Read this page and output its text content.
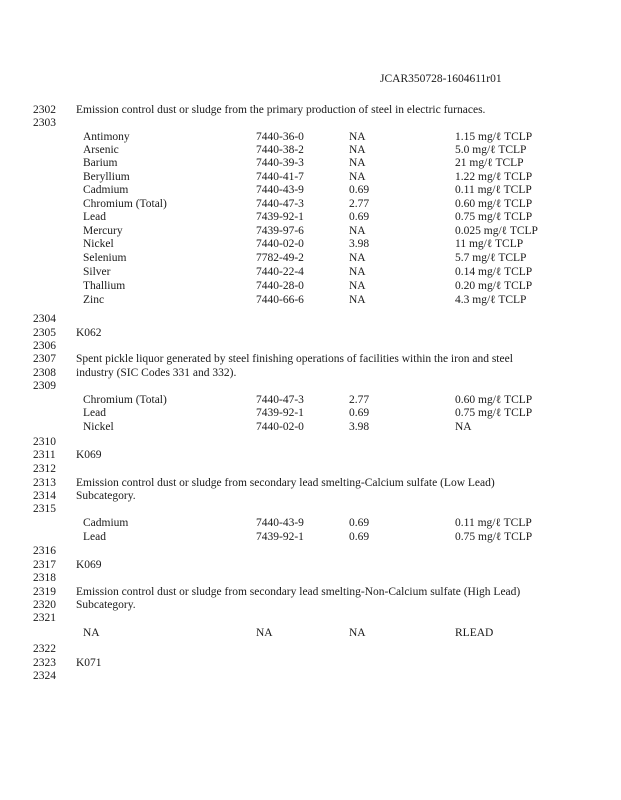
JCAR350728-1604611r01
2302
2303
2304
2305
2306
2307
2308
2309
2310
2311
2312
2313
2314
2315
2316
2317
2318
2319
2320
2321
2322
2323
2324
Emission control dust or sludge from the primary production of steel in electric furnaces.
Antimony	7440-36-0	NA	1.15 mg/ℓ TCLP
Arsenic	7440-38-2	NA	5.0 mg/ℓ TCLP
Barium	7440-39-3	NA	21 mg/ℓ TCLP
Beryllium	7440-41-7	NA	1.22 mg/ℓ TCLP
Cadmium	7440-43-9	0.69	0.11 mg/ℓ TCLP
Chromium (Total)	7440-47-3	2.77	0.60 mg/ℓ TCLP
Lead	7439-92-1	0.69	0.75 mg/ℓ TCLP
Mercury	7439-97-6	NA	0.025 mg/ℓ TCLP
Nickel	7440-02-0	3.98	11 mg/ℓ TCLP
Selenium	7782-49-2	NA	5.7 mg/ℓ TCLP
Silver	7440-22-4	NA	0.14 mg/ℓ TCLP
Thallium	7440-28-0	NA	0.20 mg/ℓ TCLP
Zinc	7440-66-6	NA	4.3 mg/ℓ TCLP
K062
Spent pickle liquor generated by steel finishing operations of facilities within the iron and steel
industry (SIC Codes 331 and 332).
Chromium (Total)	7440-47-3	2.77	0.60 mg/ℓ TCLP
Lead	7439-92-1	0.69	0.75 mg/ℓ TCLP
Nickel	7440-02-0	3.98	NA
K069
Emission control dust or sludge from secondary lead smelting-Calcium sulfate (Low Lead)
Subcategory.
Cadmium	7440-43-9	0.69	0.11 mg/ℓ TCLP
Lead	7439-92-1	0.69	0.75 mg/ℓ TCLP
K069
Emission control dust or sludge from secondary lead smelting-Non-Calcium sulfate (High Lead)
Subcategory.
NA	NA	NA	RLEAD
K071
